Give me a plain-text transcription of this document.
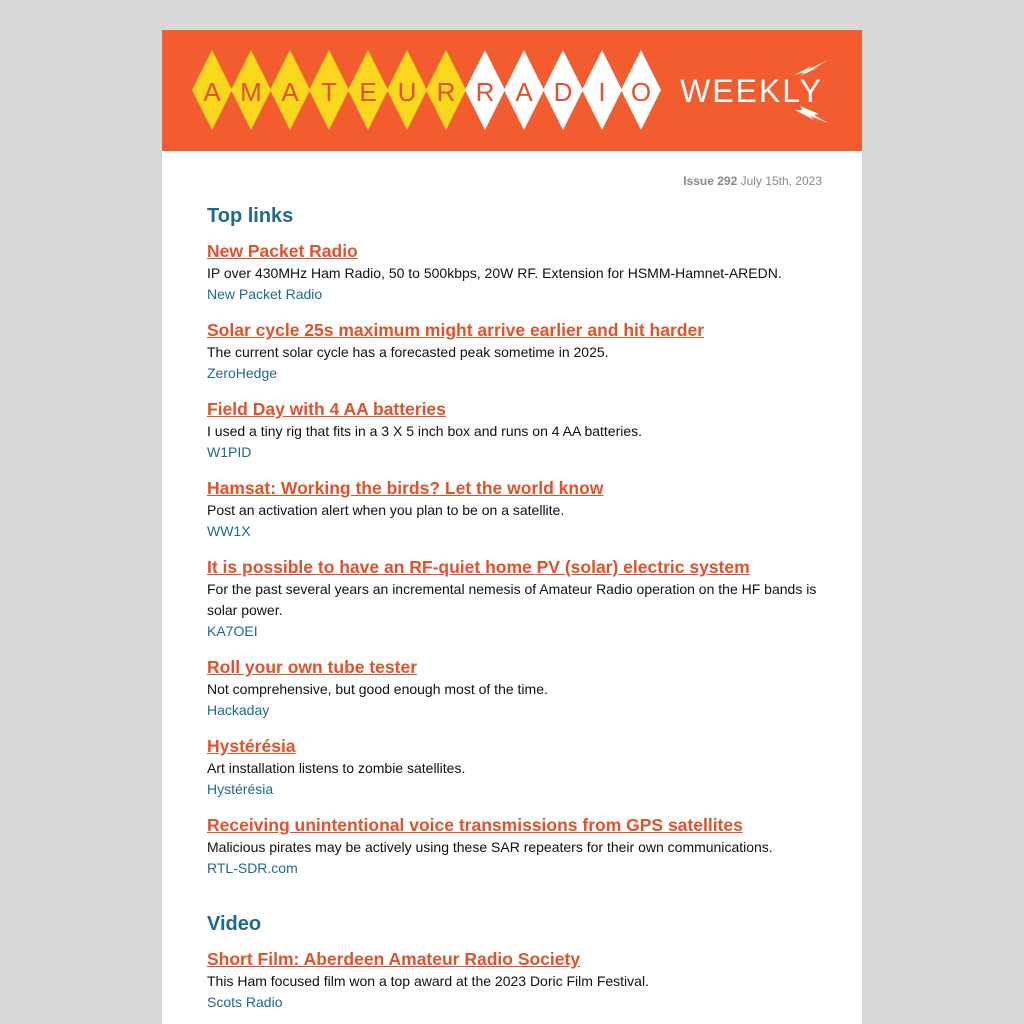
A M A T E U R R A D I O WEEKLY
Issue 292 July 15th, 2023
Top links
New Packet Radio

IP over 430MHz Ham Radio, 50 to 500kbps, 20W RF. Extension for HSMM-Hamnet-AREDN.

New Packet Radio
Solar cycle 25s maximum might arrive earlier and hit harder

The current solar cycle has a forecasted peak sometime in 2025.

ZeroHedge
Field Day with 4 AA batteries

I used a tiny rig that fits in a 3 X 5 inch box and runs on 4 AA batteries.

W1PID
Hamsat: Working the birds? Let the world know

Post an activation alert when you plan to be on a satellite.

WW1X
It is possible to have an RF-quiet home PV (solar) electric system

For the past several years an incremental nemesis of Amateur Radio operation on the HF bands is solar power.

KA7OEI
Roll your own tube tester

Not comprehensive, but good enough most of the time.

Hackaday
Hystérésia

Art installation listens to zombie satellites.

Hystérésia
Receiving unintentional voice transmissions from GPS satellites

Malicious pirates may be actively using these SAR repeaters for their own communications.

RTL-SDR.com
Video
Short Film: Aberdeen Amateur Radio Society

This Ham focused film won a top award at the 2023 Doric Film Festival.

Scots Radio
